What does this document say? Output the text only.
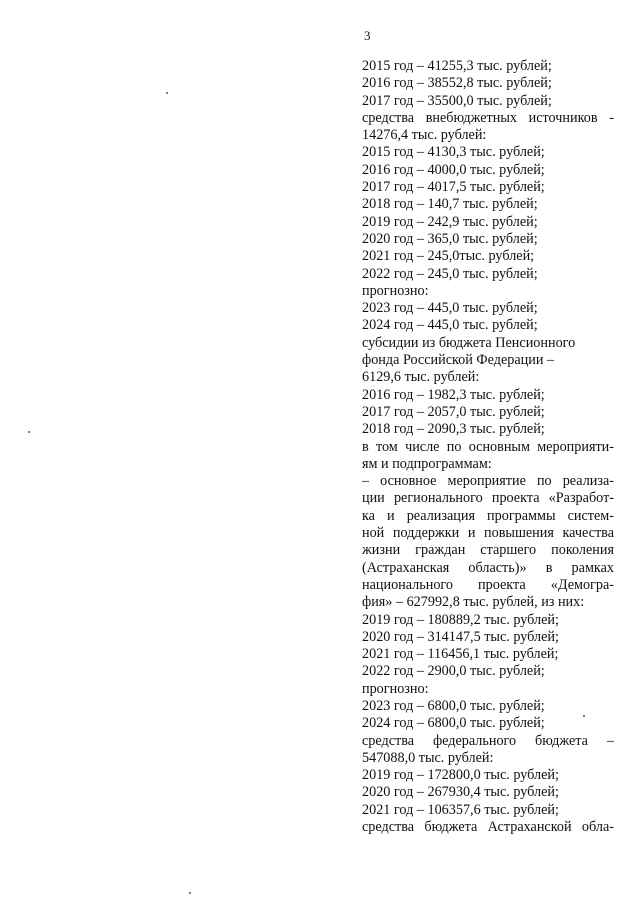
3
2015 год – 41255,3 тыс. рублей;
2016 год – 38552,8 тыс. рублей;
2017 год – 35500,0 тыс. рублей;
средства внебюджетных источников -
14276,4 тыс. рублей:
2015 год – 4130,3 тыс. рублей;
2016 год – 4000,0 тыс. рублей;
2017 год – 4017,5 тыс. рублей;
2018 год – 140,7 тыс. рублей;
2019 год – 242,9 тыс. рублей;
2020 год – 365,0 тыс. рублей;
2021 год – 245,0тыс. рублей;
2022 год – 245,0 тыс. рублей;
прогнозно:
2023 год – 445,0 тыс. рублей;
2024 год – 445,0 тыс. рублей;
субсидии из бюджета Пенсионного
фонда Российской Федерации –
6129,6 тыс. рублей:
2016 год – 1982,3 тыс. рублей;
2017 год – 2057,0 тыс. рублей;
2018 год – 2090,3 тыс. рублей;
в том числе по основным мероприяти-
ям и подпрограммам:
– основное мероприятие по реализа-
ции регионального проекта «Разработ-
ка и реализация программы систем-
ной поддержки и повышения качества
жизни граждан старшего поколения
(Астраханская область)» в рамках
национального проекта «Демогра-
фия» – 627992,8 тыс. рублей, из них:
2019 год – 180889,2 тыс. рублей;
2020 год – 314147,5 тыс. рублей;
2021 год – 116456,1 тыс. рублей;
2022 год – 2900,0 тыс. рублей;
прогнозно:
2023 год – 6800,0 тыс. рублей;
2024 год – 6800,0 тыс. рублей;
средства федерального бюджета –
547088,0 тыс. рублей:
2019 год – 172800,0 тыс. рублей;
2020 год – 267930,4 тыс. рублей;
2021 год – 106357,6 тыс. рублей;
средства бюджета Астраханской обла-
